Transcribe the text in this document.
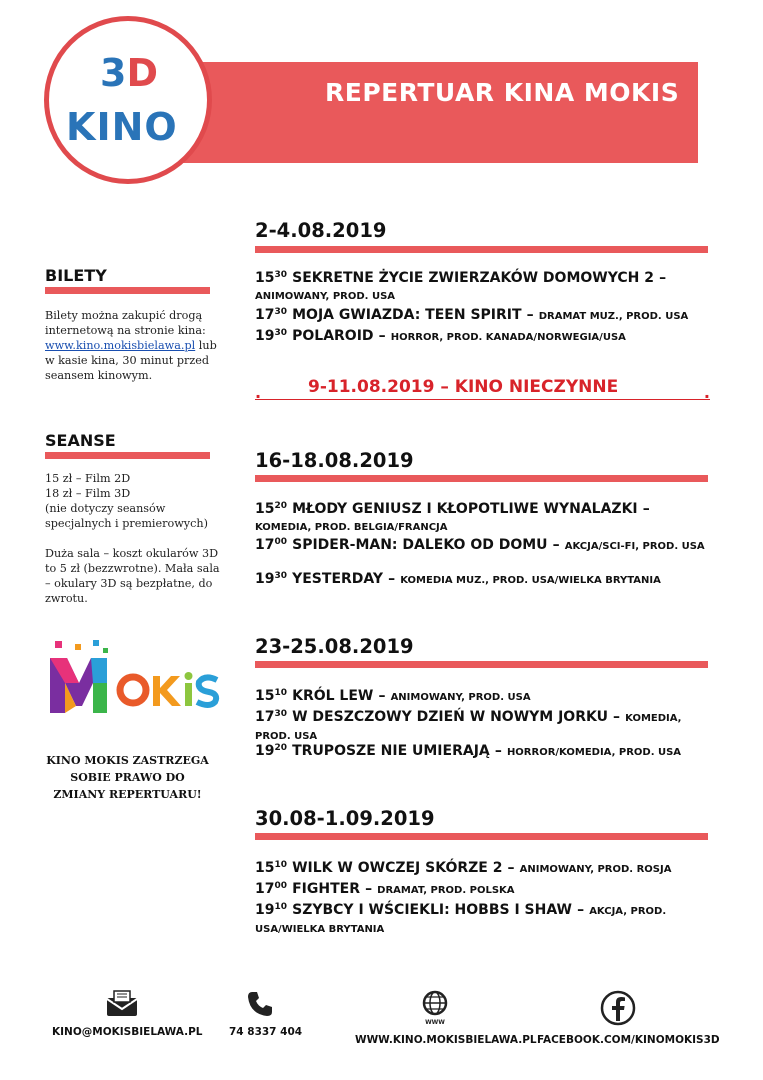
REPERTUAR KINA MOKIS
3D
KINO
BILETY
Bilety można zakupić drogą internetową na stronie kina: www.kino.mokisbielawa.pl lub w kasie kina, 30 minut przed seansem kinowym.
SEANSE
15 zł – Film 2D
18 zł – Film 3D
(nie dotyczy seansów specjalnych i premierowych)
Duża sala – koszt okularów 3D to 5 zł (bezzwrotne). Mała sala – okulary 3D są bezpłatne, do zwrotu.
KINO MOKIS ZASTRZEGA SOBIE PRAWO DO ZMIANY REPERTUARU!
2-4.08.2019
$15^{30}$ SEKRETNE ŻYCIE ZWIERZAKÓW DOMOWYCH 2 –
ANIMOWANY, PROD. USA
$17^{30}$ MOJA GWIAZDA: TEEN SPIRIT – DRAMAT MUZ., PROD. USA
$19^{30}$ POLAROID – HORROR, PROD. KANADA/NORWEGIA/USA
.	9-11.08.2019 – KINO NIECZYNNE	.
16-18.08.2019
$15^{20}$ MŁODY GENIUSZ I KŁOPOTLIWE WYNALAZKI –
KOMEDIA, PROD. BELGIA/FRANCJA
$17^{00}$ SPIDER-MAN: DALEKO OD DOMU – AKCJA/SCI-FI, PROD. USA
$19^{30}$ YESTERDAY – KOMEDIA MUZ., PROD. USA/WIELKA BRYTANIA
23-25.08.2019
$15^{10}$ KRÓL LEW – ANIMOWANY, PROD. USA
$17^{30}$ W DESZCZOWY DZIEŃ W NOWYM JORKU – KOMEDIA, PROD. USA
$19^{20}$ TRUPOSZE NIE UMIERAJĄ – HORROR/KOMEDIA, PROD. USA
30.08-1.09.2019
$15^{10}$ WILK W OWCZEJ SKÓRZE 2 – ANIMOWANY, PROD. ROSJA
$17^{00}$ FIGHTER – DRAMAT, PROD. POLSKA
$19^{10}$ SZYBCY I WŚCIEKLI: HOBBS I SHAW – AKCJA, PROD. USA/WIELKA BRYTANIA
KINO@MOKISBIELAWA.PL	74 8337 404
WWW
WWW.KINO.MOKISBIELAWA.PL FACEBOOK.COM/KINOMOKIS3D
